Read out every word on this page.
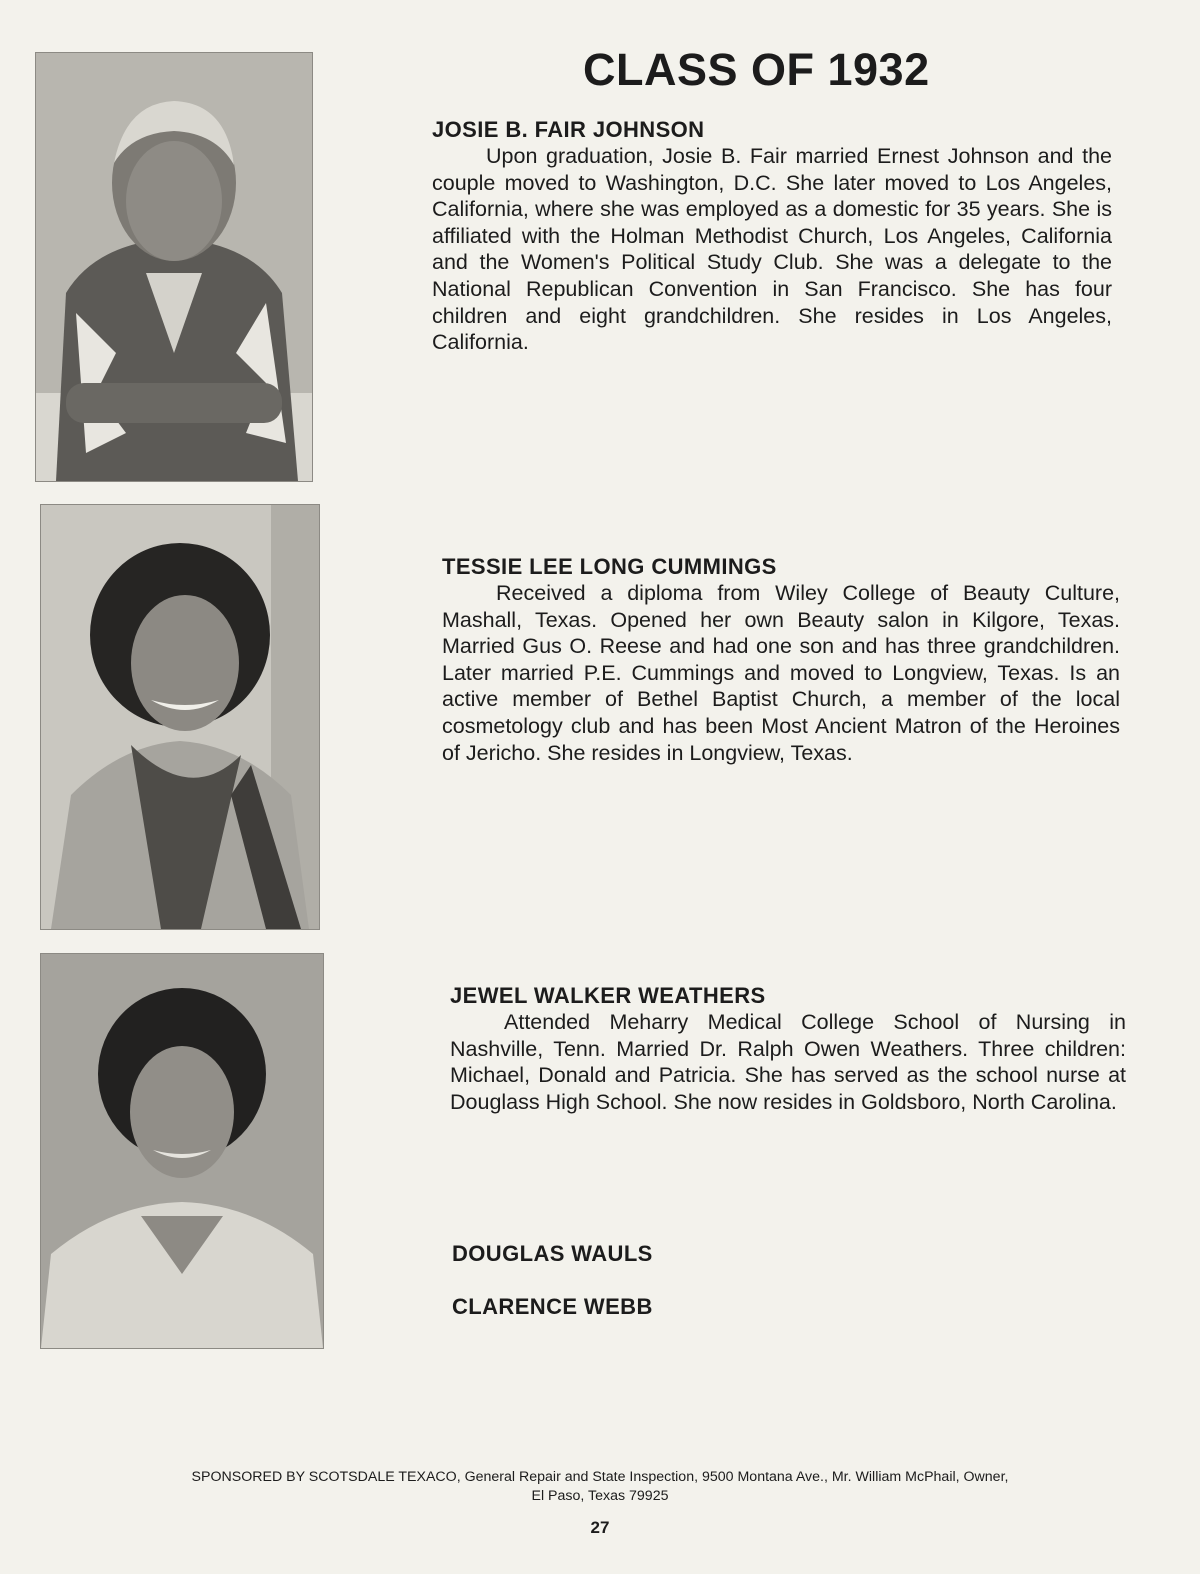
CLASS OF 1932

JOSIE B. FAIR JOHNSON

Upon graduation, Josie B. Fair married Ernest Johnson and the couple moved to Washington, D.C. She later moved to Los Angeles, California, where she was employed as a domestic for 35 years. She is affiliated with the Holman Methodist Church, Los Angeles, California and the Women's Political Study Club. She was a delegate to the National Republican Convention in San Francisco. She has four children and eight grandchildren. She resides in Los Angeles, California.

TESSIE LEE LONG CUMMINGS

Received a diploma from Wiley College of Beauty Culture, Mashall, Texas. Opened her own Beauty salon in Kilgore, Texas. Married Gus O. Reese and had one son and has three grandchildren. Later married P.E. Cummings and moved to Longview, Texas. Is an active member of Bethel Baptist Church, a member of the local cosmetology club and has been Most Ancient Matron of the Heroines of Jericho. She resides in Longview, Texas.

JEWEL WALKER WEATHERS

Attended Meharry Medical College School of Nursing in Nashville, Tenn. Married Dr. Ralph Owen Weathers. Three children: Michael, Donald and Patricia. She has served as the school nurse at Douglass High School. She now resides in Goldsboro, North Carolina.

DOUGLAS WAULS

CLARENCE WEBB

SPONSORED BY SCOTSDALE TEXACO, General Repair and State Inspection, 9500 Montana Ave., Mr. William McPhail, Owner,
El Paso, Texas 79925
27
